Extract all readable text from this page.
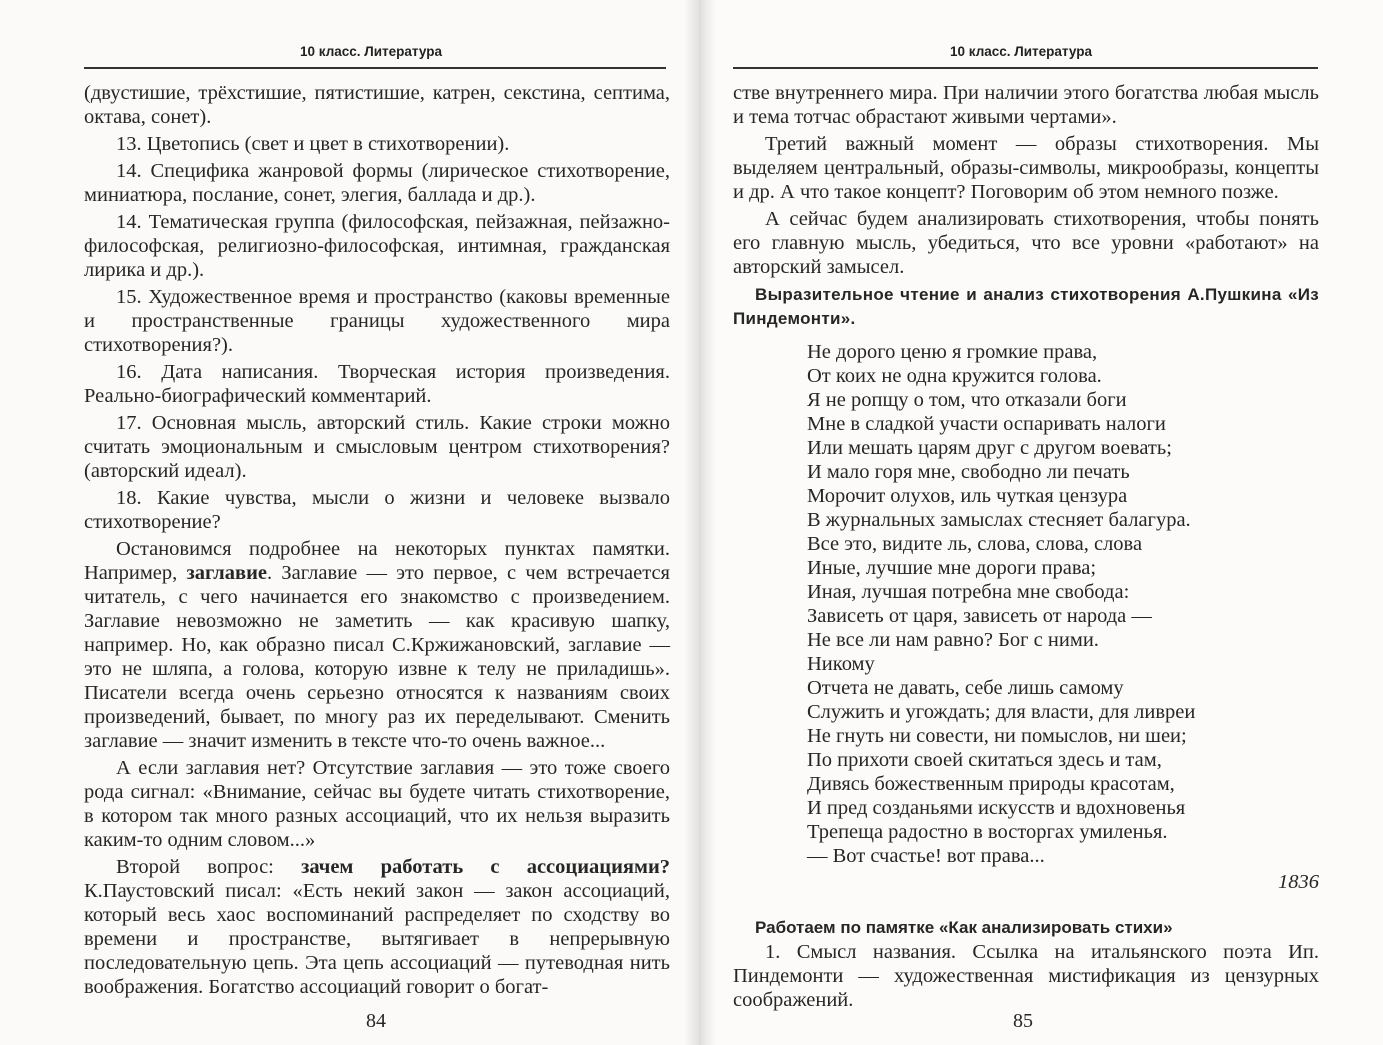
10 класс. Литература

(двустишие, трёхстишие, пятистишие, катрен, секстина, септима, октава, сонет).

13. Цветопись (свет и цвет в стихотворении).

14. Специфика жанровой формы (лирическое стихотворение, миниатюра, послание, сонет, элегия, баллада и др.).

14. Тематическая группа (философская, пейзажная, пейзажно-философская, религиозно-философская, интимная, гражданская лирика и др.).

15. Художественное время и пространство (каковы временные и пространственные границы художественного мира стихотворения?).

16. Дата написания. Творческая история произведения. Реально-биографический комментарий.

17. Основная мысль, авторский стиль. Какие строки можно считать эмоциональным и смысловым центром стихотворения? (авторский идеал).

18. Какие чувства, мысли о жизни и человеке вызвало стихотворение?

Остановимся подробнее на некоторых пунктах памятки. Например, заглавие. Заглавие — это первое, с чем встречается читатель, с чего начинается его знакомство с произведением. Заглавие невозможно не заметить — как красивую шапку, например. Но, как образно писал С.Кржижановский, заглавие — это не шляпа, а голова, которую извне к телу не приладишь». Писатели всегда очень серьезно относятся к названиям своих произведений, бывает, по многу раз их переделывают. Сменить заглавие — значит изменить в тексте что-то очень важное...

А если заглавия нет? Отсутствие заглавия — это тоже своего рода сигнал: «Внимание, сейчас вы будете читать стихотворение, в котором так много разных ассоциаций, что их нельзя выразить каким-то одним словом...»

Второй вопрос: зачем работать с ассоциациями? К.Паустовский писал: «Есть некий закон — закон ассоциаций, который весь хаос воспоминаний распределяет по сходству во времени и пространстве, вытягивает в непрерывную последовательную цепь. Эта цепь ассоциаций — путеводная нить воображения. Богатство ассоциаций говорит о богат-

84
10 класс. Литература

стве внутреннего мира. При наличии этого богатства любая мысль и тема тотчас обрастают живыми чертами».

Третий важный момент — образы стихотворения. Мы выделяем центральный, образы-символы, микрообразы, концепты и др. А что такое концепт? Поговорим об этом немного позже.

А сейчас будем анализировать стихотворения, чтобы понять его главную мысль, убедиться, что все уровни «работают» на авторский замысел.

Выразительное чтение и анализ стихотворения А.Пушкина «Из Пиндемонти».

Не дорого ценю я громкие права,
От коих не одна кружится голова.
Я не ропщу о том, что отказали боги
Мне в сладкой участи оспаривать налоги
Или мешать царям друг с другом воевать;
И мало горя мне, свободно ли печать
Морочит олухов, иль чуткая цензура
В журнальных замыслах стесняет балагура.
Все это, видите ль, слова, слова, слова
Иные, лучшие мне дороги права;
Иная, лучшая потребна мне свобода:
Зависеть от царя, зависеть от народа —
Не все ли нам равно? Бог с ними.
Никому
Отчета не давать, себе лишь самому
Служить и угождать; для власти, для ливреи
Не гнуть ни совести, ни помыслов, ни шеи;
По прихоти своей скитаться здесь и там,
Дивясь божественным природы красотам,
И пред созданьями искусств и вдохновенья
Трепеща радостно в восторгах умиленья.
— Вот счастье! вот права...
1836

Работаем по памятке «Как анализировать стихи»

1. Смысл названия. Ссылка на итальянского поэта Ип. Пиндемонти — художественная мистификация из цензурных соображений.

85
